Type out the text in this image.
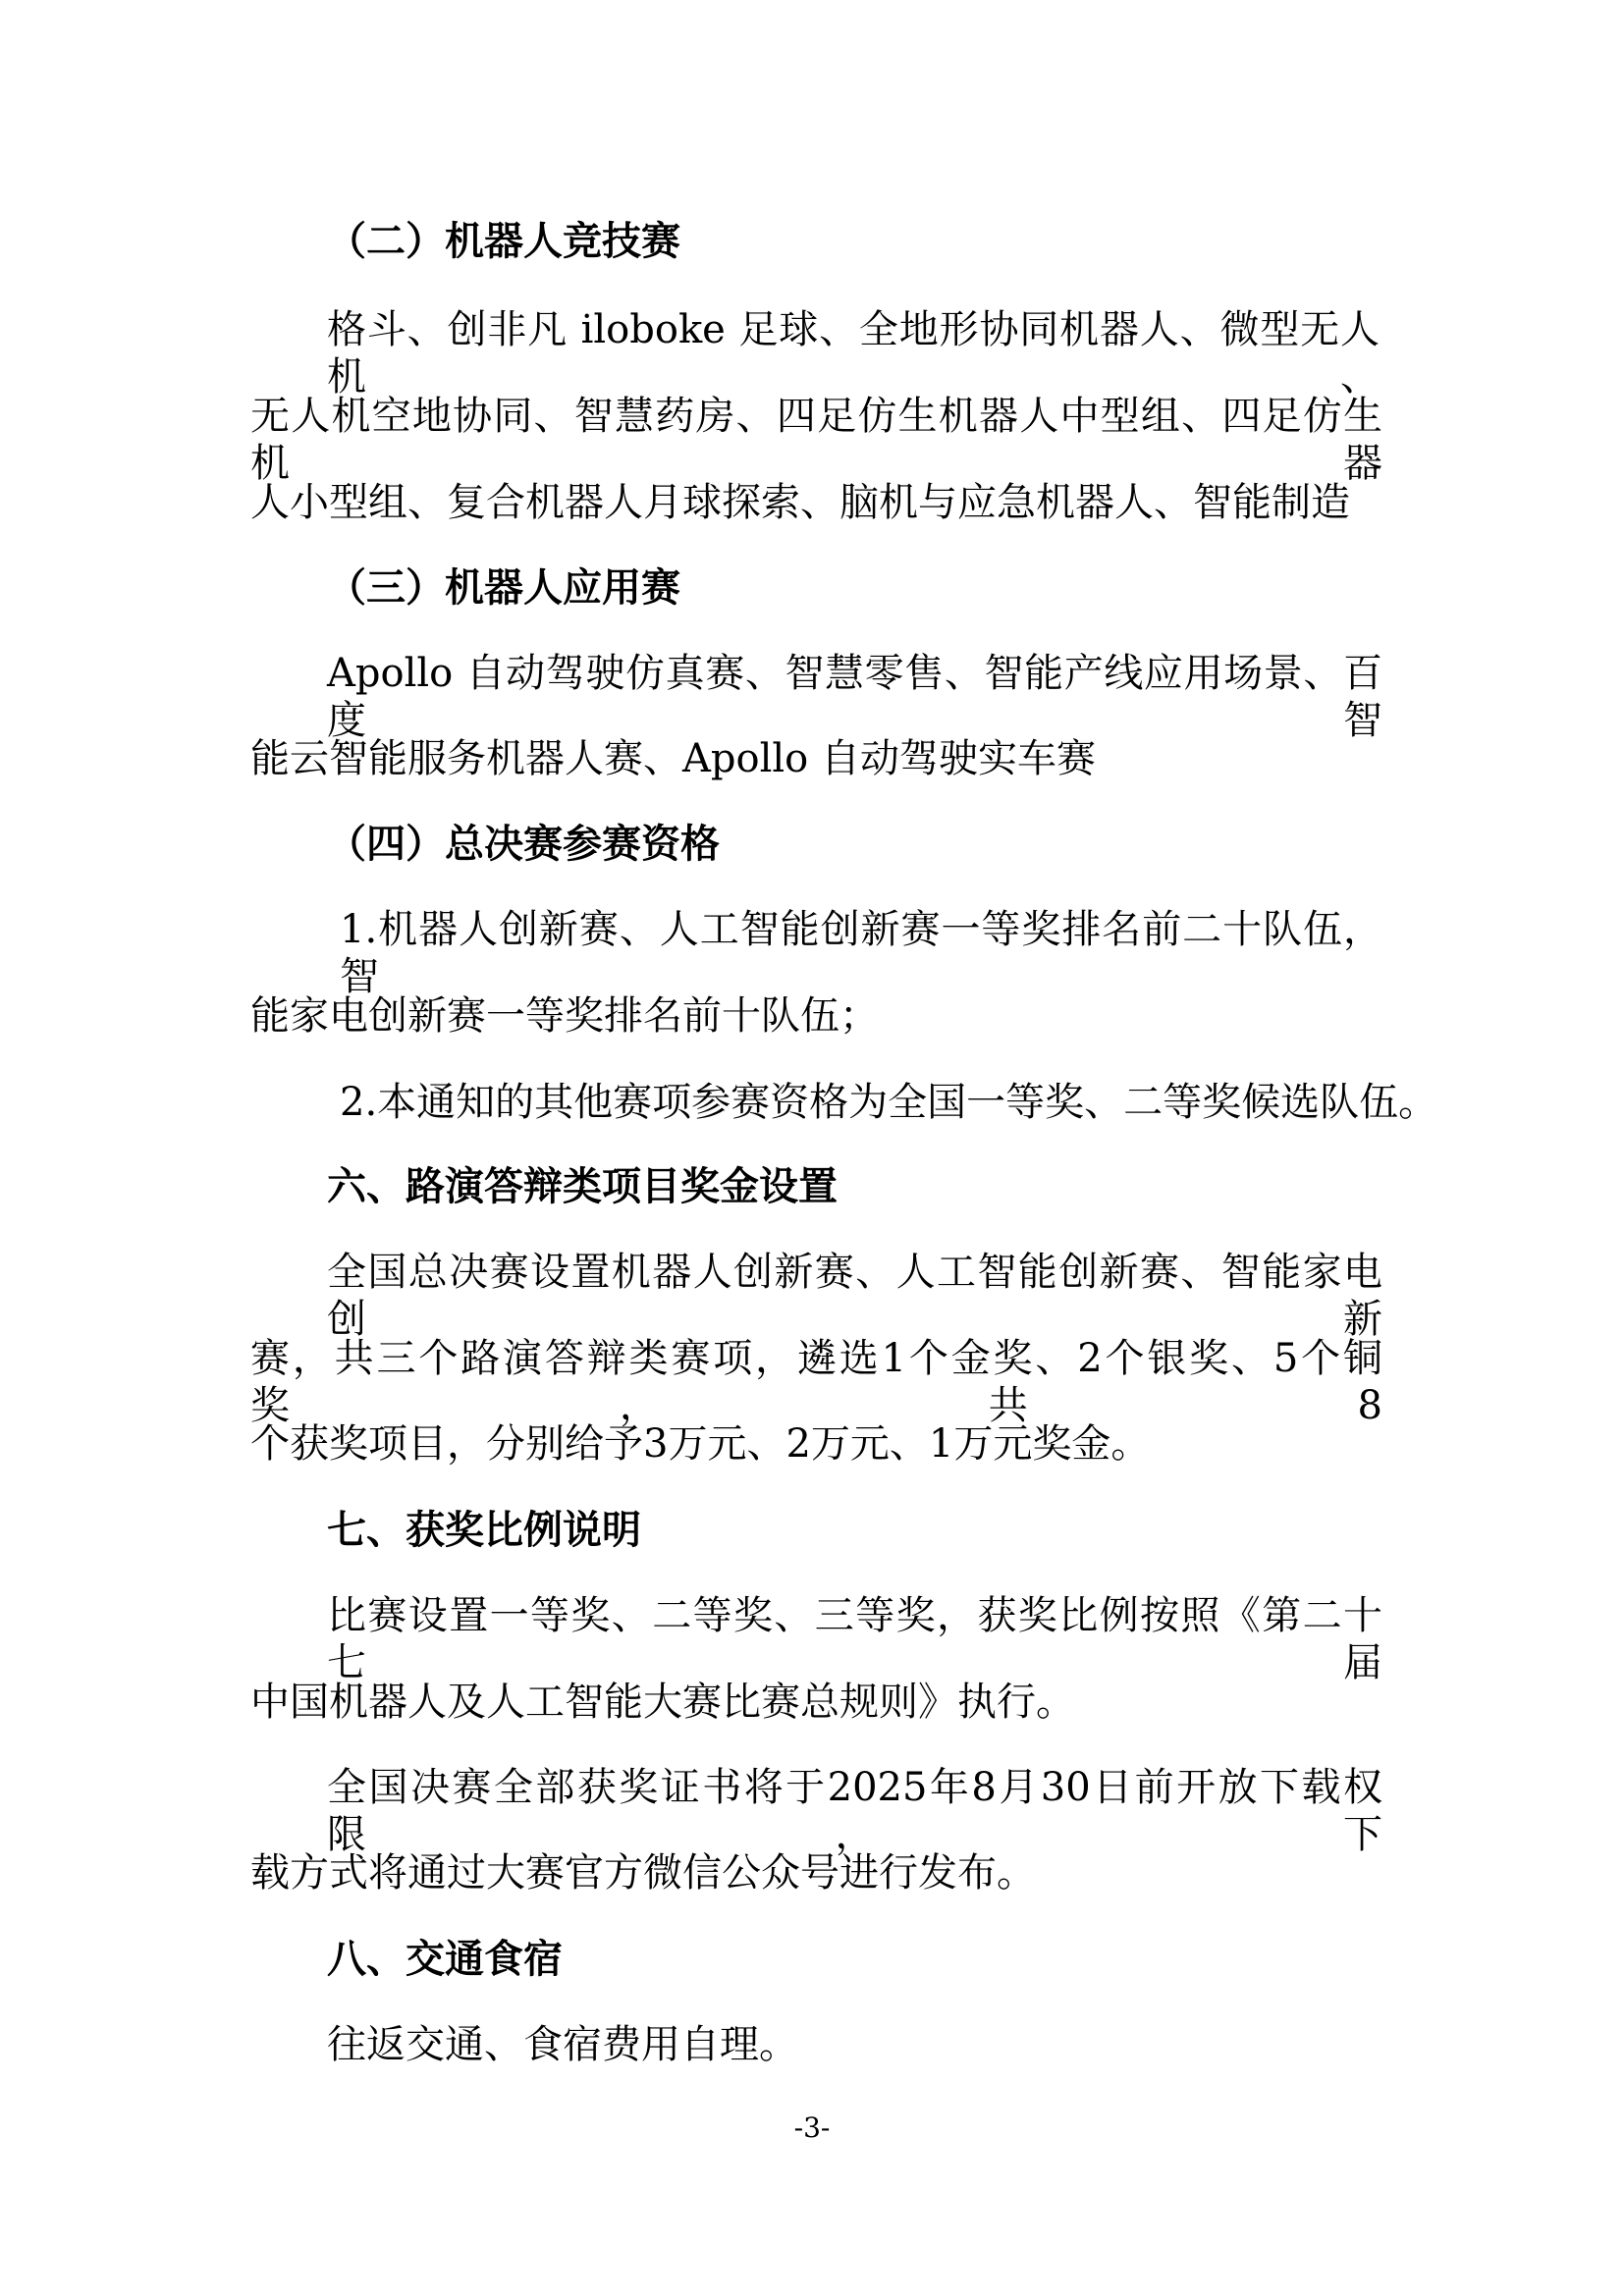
（二）机器人竞技赛
格斗、创非凡 iloboke 足球、全地形协同机器人、微型无人机、
无人机空地协同、智慧药房、四足仿生机器人中型组、四足仿生机器
人小型组、复合机器人月球探索、脑机与应急机器人、智能制造
（三）机器人应用赛
Apollo 自动驾驶仿真赛、智慧零售、智能产线应用场景、百度智
能云智能服务机器人赛、Apollo 自动驾驶实车赛
（四）总决赛参赛资格
1.机器人创新赛、人工智能创新赛一等奖排名前二十队伍，智
能家电创新赛一等奖排名前十队伍；
2.本通知的其他赛项参赛资格为全国一等奖、二等奖候选队伍。
六、路演答辩类项目奖金设置
全国总决赛设置机器人创新赛、人工智能创新赛、智能家电创新
赛，共三个路演答辩类赛项，遴选1个金奖、2个银奖、5个铜奖，共8
个获奖项目，分别给予3万元、2万元、1万元奖金。
七、获奖比例说明
比赛设置一等奖、二等奖、三等奖，获奖比例按照《第二十七届
中国机器人及人工智能大赛比赛总规则》执行。
全国决赛全部获奖证书将于2025年8月30日前开放下载权限，下
载方式将通过大赛官方微信公众号进行发布。
八、交通食宿
往返交通、食宿费用自理。
-3-
